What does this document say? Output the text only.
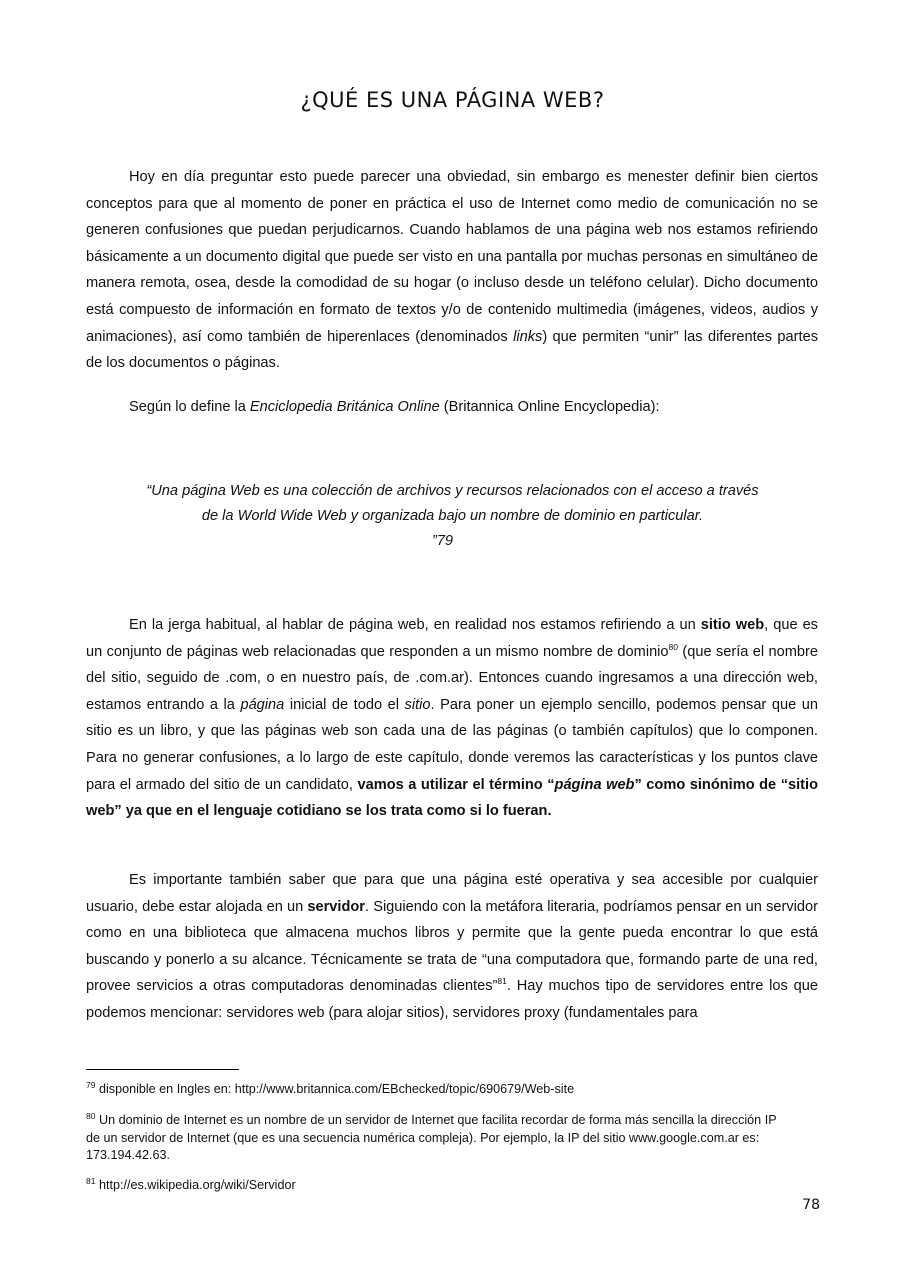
¿QUÉ ES UNA PÁGINA WEB?

Hoy en día preguntar esto puede parecer una obviedad, sin embargo es menester definir bien ciertos conceptos para que al momento de poner en práctica el uso de Internet como medio de comunicación no se generen confusiones que puedan perjudicarnos. Cuando hablamos de una página web nos estamos refiriendo básicamente a un documento digital que puede ser visto en una pantalla por muchas personas en simultáneo de manera remota, osea, desde la comodidad de su hogar (o incluso desde un teléfono celular). Dicho documento está compuesto de información en formato de textos y/o de contenido multimedia (imágenes, videos, audios y animaciones), así como también de hiperenlaces (denominados links) que permiten “unir” las diferentes partes de los documentos o páginas.

Según lo define la Enciclopedia Británica Online (Britannica Online Encyclopedia):

“Una página Web es una colección de archivos y recursos relacionados con el acceso a través de la World Wide Web y organizada bajo un nombre de dominio en particular.

”79

En la jerga habitual, al hablar de página web, en realidad nos estamos refiriendo a un sitio web, que es un conjunto de páginas web relacionadas que responden a un mismo nombre de dominio$^{80}$ (que sería el nombre del sitio, seguido de .com, o en nuestro país, de .com.ar). Entonces cuando ingresamos a una dirección web, estamos entrando a la página inicial de todo el sitio. Para poner un ejemplo sencillo, podemos pensar que un sitio es un libro, y que las páginas web son cada una de las páginas (o también capítulos) que lo componen. Para no generar confusiones, a lo largo de este capítulo, donde veremos las características y los puntos clave para el armado del sitio de un candidato, vamos a utilizar el término “página web” como sinónimo de “sitio web” ya que en el lenguaje cotidiano se los trata como si lo fueran.

Es importante también saber que para que una página esté operativa y sea accesible por cualquier usuario, debe estar alojada en un servidor. Siguiendo con la metáfora literaria, podríamos pensar en un servidor como en una biblioteca que almacena muchos libros y permite que la gente pueda encontrar lo que está buscando y ponerlo a su alcance. Técnicamente se trata de “una computadora que, formando parte de una red, provee servicios a otras computadoras denominadas clientes”$^{81}$. Hay muchos tipo de servidores entre los que podemos mencionar: servidores web (para alojar sitios), servidores proxy (fundamentales para

$^{79}$ disponible en Ingles en: http://www.britannica.com/EBchecked/topic/690679/Web-site

$^{80}$ Un dominio de Internet es un nombre de un servidor de Internet que facilita recordar de forma más sencilla la dirección IP de un servidor de Internet (que es una secuencia numérica compleja). Por ejemplo, la IP del sitio www.google.com.ar es: 173.194.42.63.

$^{81}$ http://es.wikipedia.org/wiki/Servidor

78
